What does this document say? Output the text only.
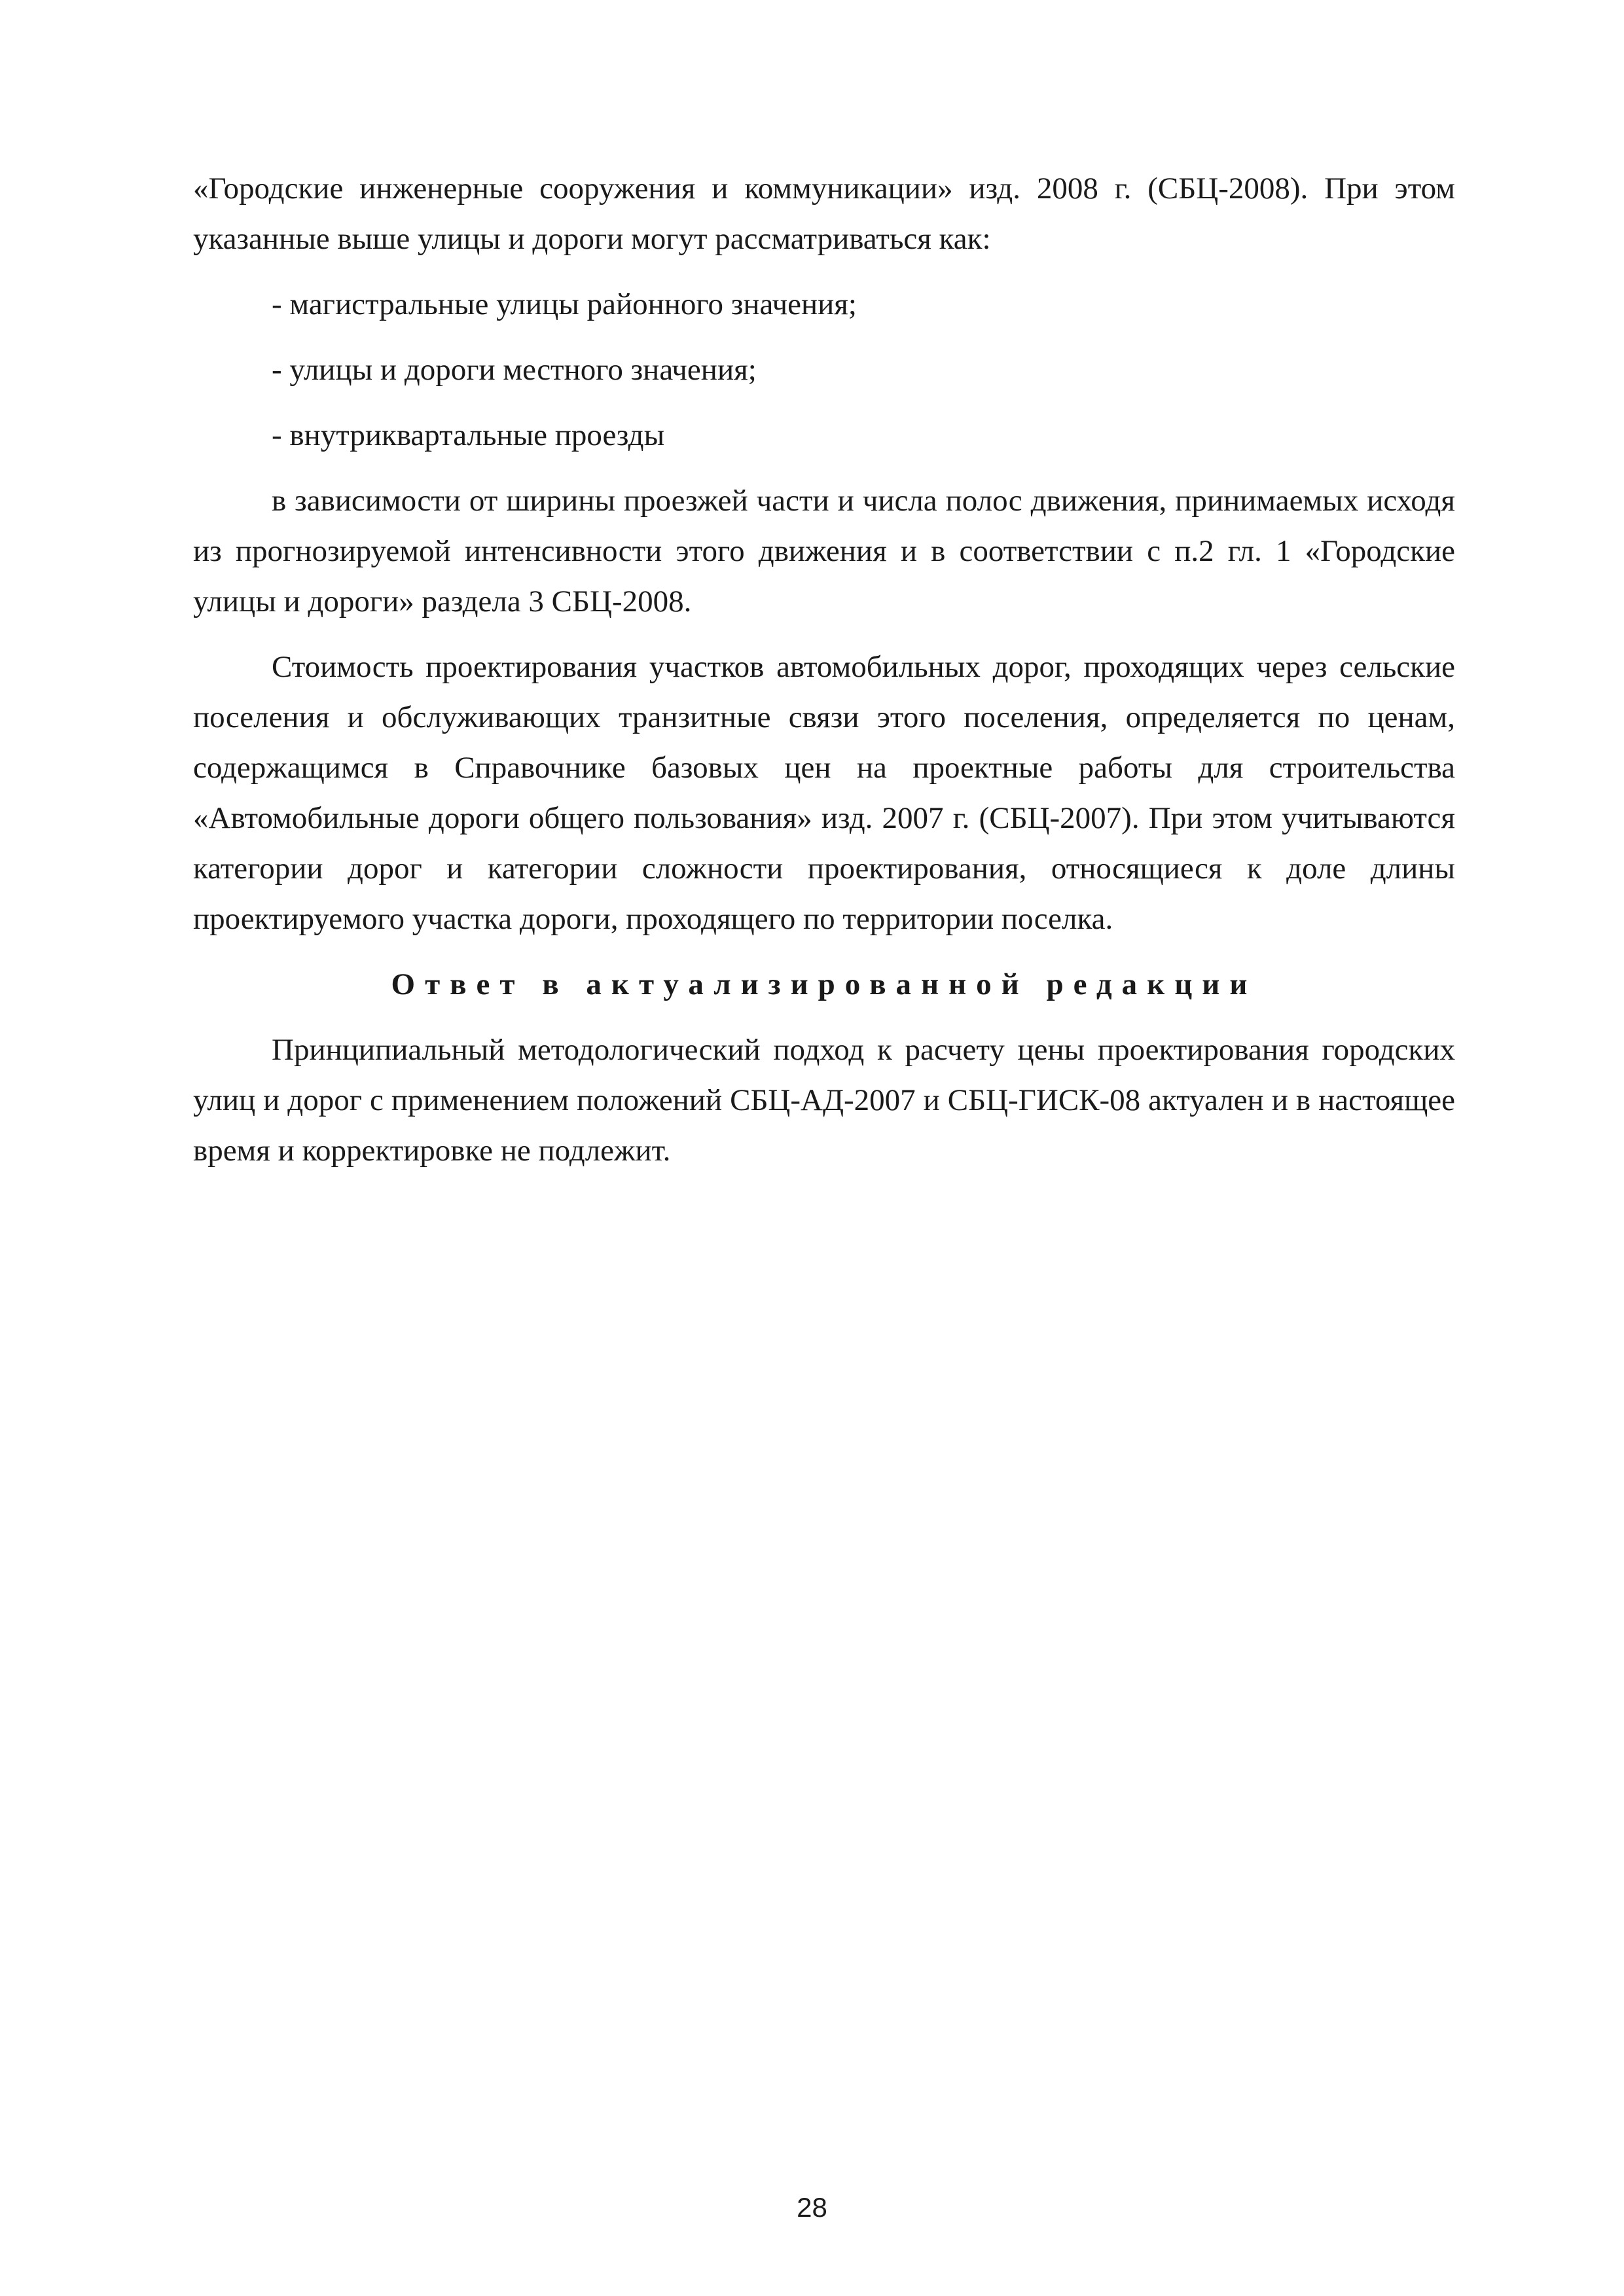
«Городские инженерные сооружения и коммуникации» изд. 2008 г. (СБЦ-2008). При этом указанные выше улицы и дороги могут рассматриваться как:

- магистральные улицы районного значения;

- улицы и дороги местного значения;

- внутриквартальные проезды

в зависимости от ширины проезжей части и числа полос движения, принимаемых исходя из прогнозируемой интенсивности этого движения и в соответствии с п.2 гл. 1 «Городские улицы и дороги» раздела 3 СБЦ-2008.

Стоимость проектирования участков автомобильных дорог, проходящих через сельские поселения и обслуживающих транзитные связи этого поселения, определяется по ценам, содержащимся в Справочнике базовых цен на проектные работы для строительства «Автомобильные дороги общего пользования» изд. 2007 г. (СБЦ-2007). При этом учитываются категории дорог и категории сложности проектирования, относящиеся к доле длины проектируемого участка дороги, проходящего по территории поселка.

Ответ в актуализированной редакции

Принципиальный методологический подход к расчету цены проектирования городских улиц и дорог с применением положений СБЦ-АД-2007 и СБЦ-ГИСК-08 актуален и в настоящее время и корректировке не подлежит.

28
